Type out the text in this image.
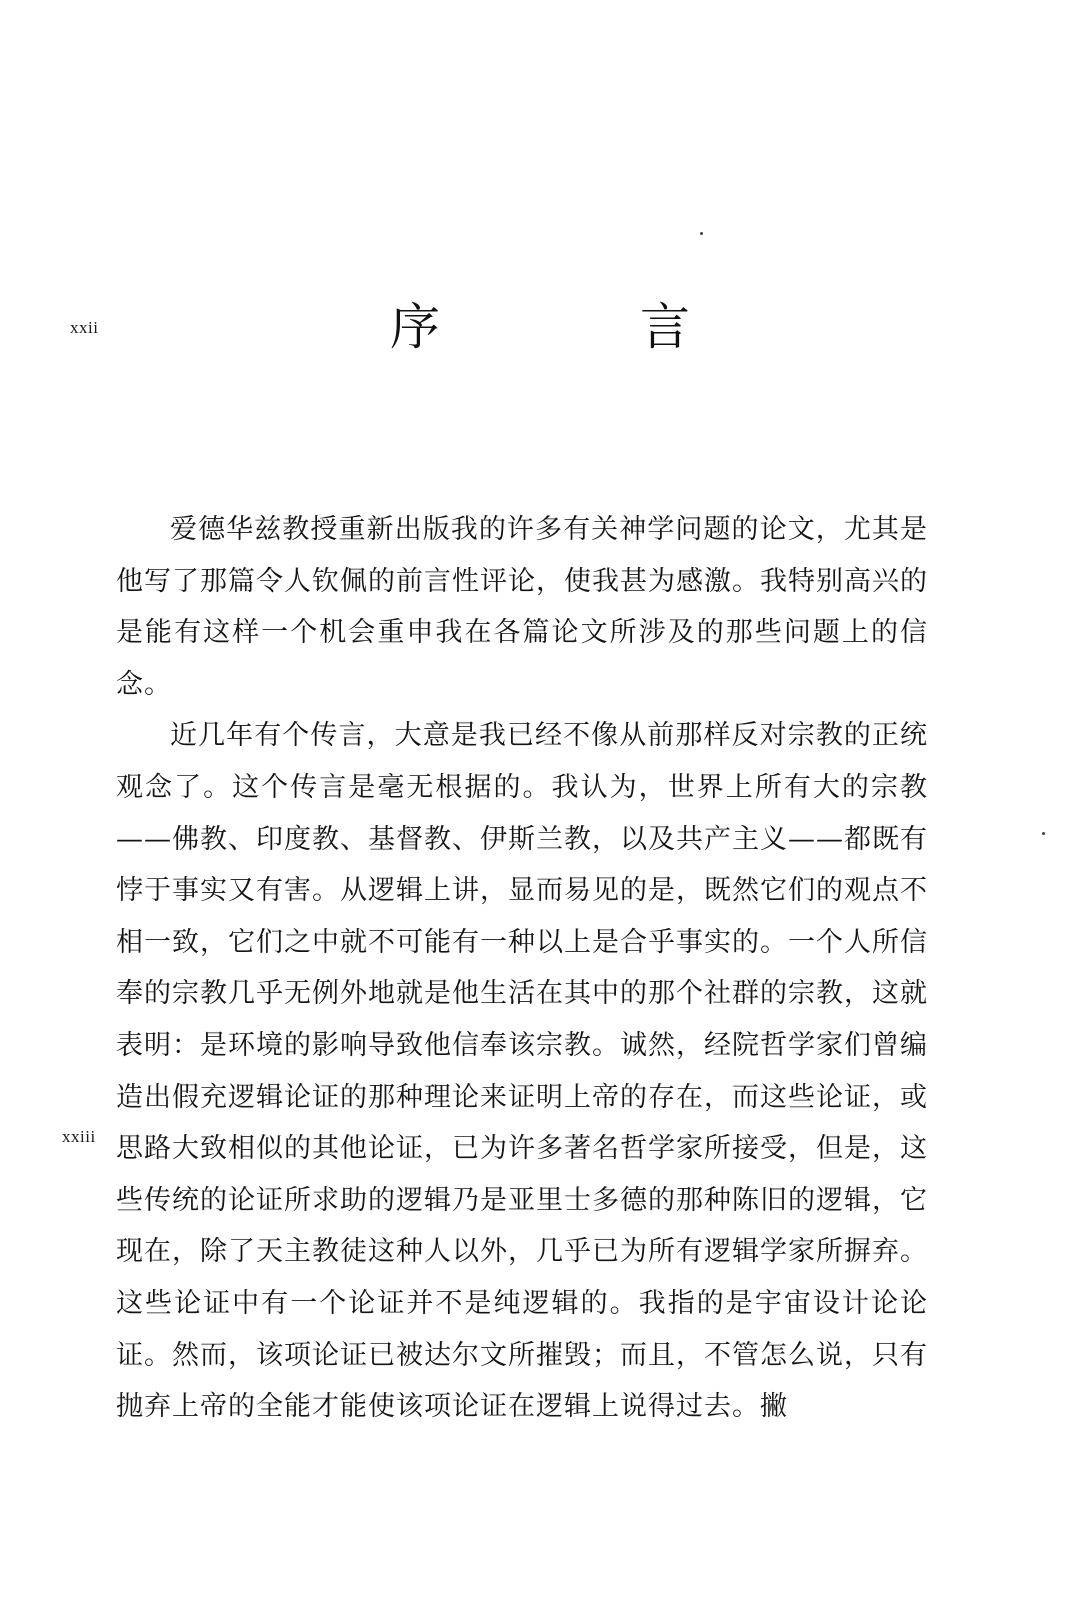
xxii	序	言
xxiii

爱德华兹教授重新出版我的许多有关神学问题的论文，尤其是他写了那篇令人钦佩的前言性评论，使我甚为感激。我特别高兴的是能有这样一个机会重申我在各篇论文所涉及的那些问题上的信念。

近几年有个传言，大意是我已经不像从前那样反对宗教的正统观念了。这个传言是毫无根据的。我认为，世界上所有大的宗教——佛教、印度教、基督教、伊斯兰教，以及共产主义——都既有悖于事实又有害。从逻辑上讲，显而易见的是，既然它们的观点不相一致，它们之中就不可能有一种以上是合乎事实的。一个人所信奉的宗教几乎无例外地就是他生活在其中的那个社群的宗教，这就表明：是环境的影响导致他信奉该宗教。诚然，经院哲学家们曾编造出假充逻辑论证的那种理论来证明上帝的存在，而这些论证，或思路大致相似的其他论证，已为许多著名哲学家所接受，但是，这些传统的论证所求助的逻辑乃是亚里士多德的那种陈旧的逻辑，它现在，除了天主教徒这种人以外，几乎已为所有逻辑学家所摒弃。这些论证中有一个论证并不是纯逻辑的。我指的是宇宙设计论论证。然而，该项论证已被达尔文所摧毁；而且，不管怎么说，只有抛弃上帝的全能才能使该项论证在逻辑上说得过去。撇
